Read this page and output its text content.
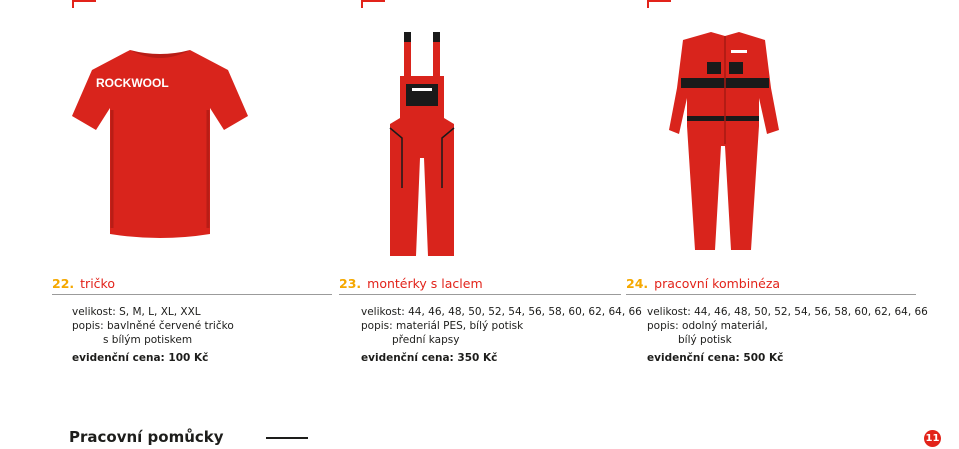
ROCKWOOL
22. tričko
velikost: S, M, L, XL, XXL
popis: bavlněné červené tričko
s bílým potiskem
evidenční cena: 100 Kč
23. montérky s laclem
velikost: 44, 46, 48, 50, 52, 54, 56, 58, 60, 62, 64, 66
popis: materiál PES, bílý potisk
přední kapsy
evidenční cena: 350 Kč
24. pracovní kombinéza
velikost: 44, 46, 48, 50, 52, 54, 56, 58, 60, 62, 64, 66
popis: odolný materiál,
bílý potisk
evidenční cena: 500 Kč
Pracovní pomůcky	11
